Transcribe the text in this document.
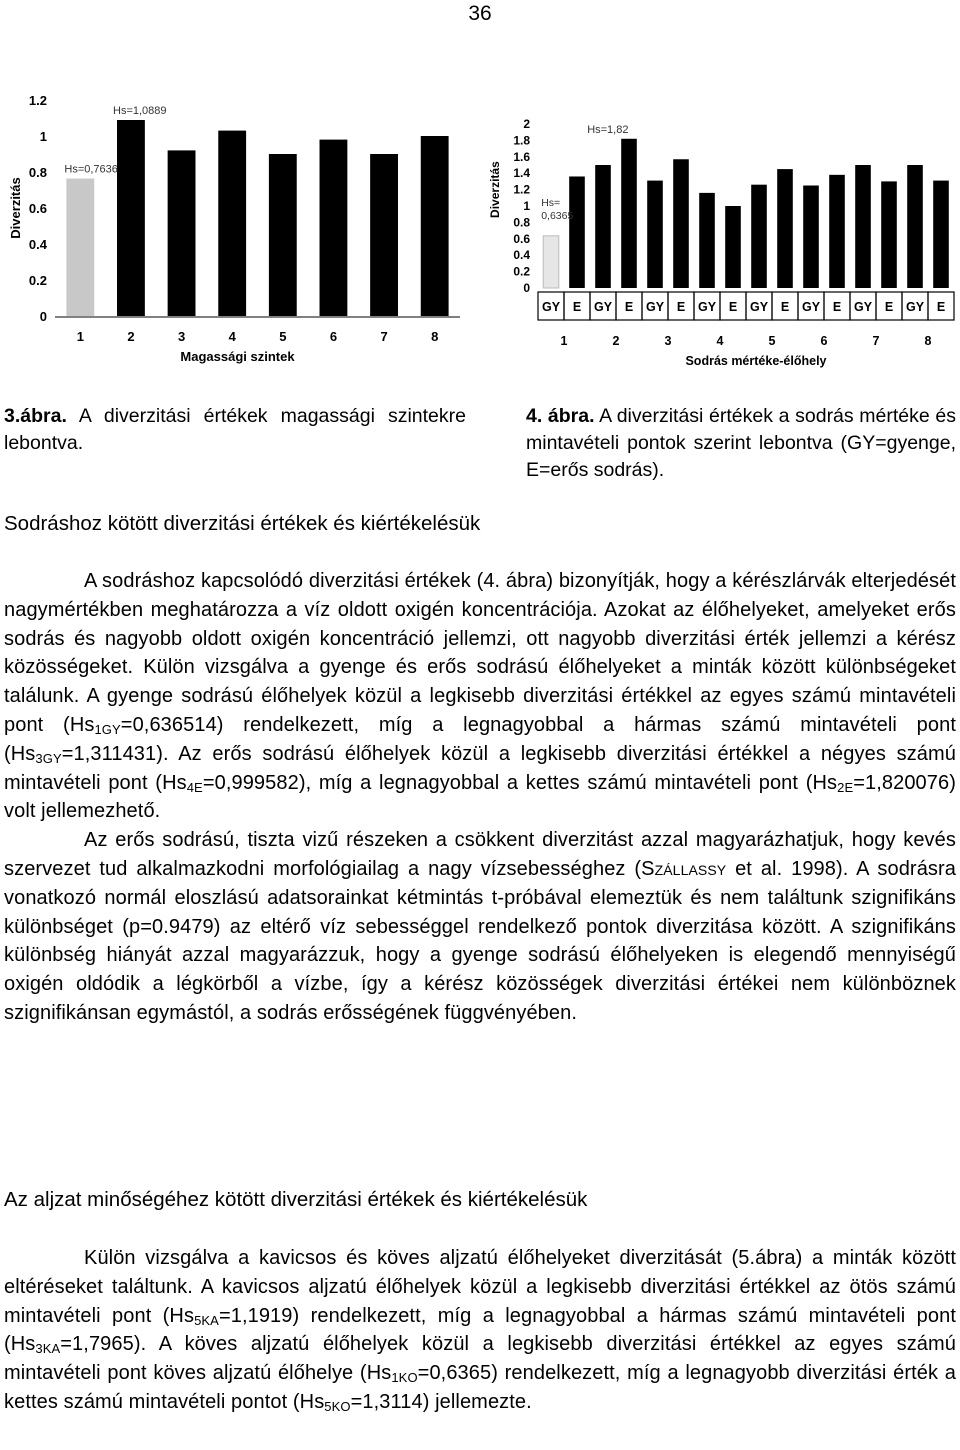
36
0
0.2
0.4
0.6
0.8
1
1.2
Diverzitás
1	2	3	4	5	6	7	8
Hs=0,7636
Hs=1,0889
Magassági szintek
0
0.2
0.4
0.6
0.8
1
1.2
1.4
1.6
1.8
2
Diverzitás
GY E GY E GY E GY E GY E GY E GY E GY E
1	2	3	4	5	6	7	8
Hs= 0,6365
Hs=1,82
Sodrás mértéke-élőhely
3.ábra. A diverzitási értékek magassági szintekre lebontva.
4. ábra. A diverzitási értékek a sodrás mértéke és mintavételi pontok szerint lebontva (GY=gyenge, E=erős sodrás).
Sodráshoz kötött diverzitási értékek és kiértékelésük

A sodráshoz kapcsolódó diverzitási értékek (4. ábra) bizonyítják, hogy a kérészlárvák elterjedését nagymértékben meghatározza a víz oldott oxigén koncentrációja. Azokat az élőhelyeket, amelyeket erős sodrás és nagyobb oldott oxigén koncentráció jellemzi, ott nagyobb diverzitási érték jellemzi a kérész közösségeket. Külön vizsgálva a gyenge és erős sodrású élőhelyeket a minták között különbségeket találunk. A gyenge sodrású élőhelyek közül a legkisebb diverzitási értékkel az egyes számú mintavételi pont $(Hs_{1GY}=0,636514)$ rendelkezett, míg a legnagyobbal a hármas számú mintavételi pont $(Hs_{3GY}=1,311431)$. Az erős sodrású élőhelyek közül a legkisebb diverzitási értékkel a négyes számú mintavételi pont $(Hs_{4E}=0,999582)$, míg a legnagyobbal a kettes számú mintavételi pont $(Hs_{2E}=1,820076)$ volt jellemezhető.

Az erős sodrású, tiszta vizű részeken a csökkent diverzitást azzal magyarázhatjuk, hogy kevés szervezet tud alkalmazkodni morfológiailag a nagy vízsebességhez (Szállassy et al. 1998). A sodrásra vonatkozó normál eloszlású adatsorainkat kétmintás t-próbával elemeztük és nem találtunk szignifikáns különbséget (p=0.9479) az eltérő víz sebességgel rendelkező pontok diverzitása között. A szignifikáns különbség hiányát azzal magyarázzuk, hogy a gyenge sodrású élőhelyeken is elegendő mennyiségű oxigén oldódik a légkörből a vízbe, így a kérész közösségek diverzitási értékei nem különböznek szignifikánsan egymástól, a sodrás erősségének függvényében.

Az aljzat minőségéhez kötött diverzitási értékek és kiértékelésük

Külön vizsgálva a kavicsos és köves aljzatú élőhelyeket diverzitását (5.ábra) a minták között eltéréseket találtunk. A kavicsos aljzatú élőhelyek közül a legkisebb diverzitási értékkel az ötös számú mintavételi pont $(Hs_{5KA}=1,1919)$ rendelkezett, míg a legnagyobbal a hármas számú mintavételi pont $(Hs_{3KA}=1,7965)$. A köves aljzatú élőhelyek közül a legkisebb diverzitási értékkel az egyes számú mintavételi pont köves aljzatú élőhelye $(Hs_{1KO}=0,6365)$ rendelkezett, míg a legnagyobb diverzitási érték a kettes számú mintavételi pontot $(Hs_{5KO}=1,3114)$ jellemezte.
